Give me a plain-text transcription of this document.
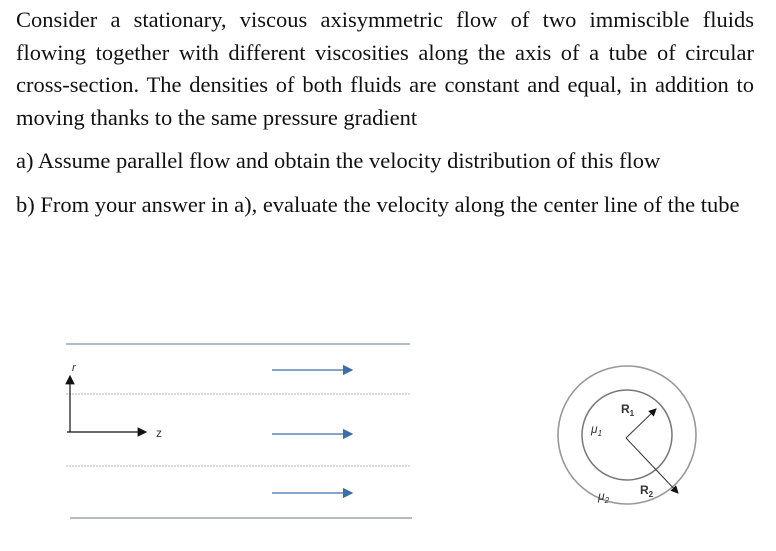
Consider a stationary, viscous axisymmetric flow of two immiscible fluids flowing together with different viscosities along the axis of a tube of circular cross-section. The densities of both fluids are constant and equal, in addition to moving thanks to the same pressure gradient

a) Assume parallel flow and obtain the velocity distribution of this flow

b) From your answer in a), evaluate the velocity along the center line of the tube

r
z	$\mu_1$
$\mu_2$
$R_1$
$R_2$
